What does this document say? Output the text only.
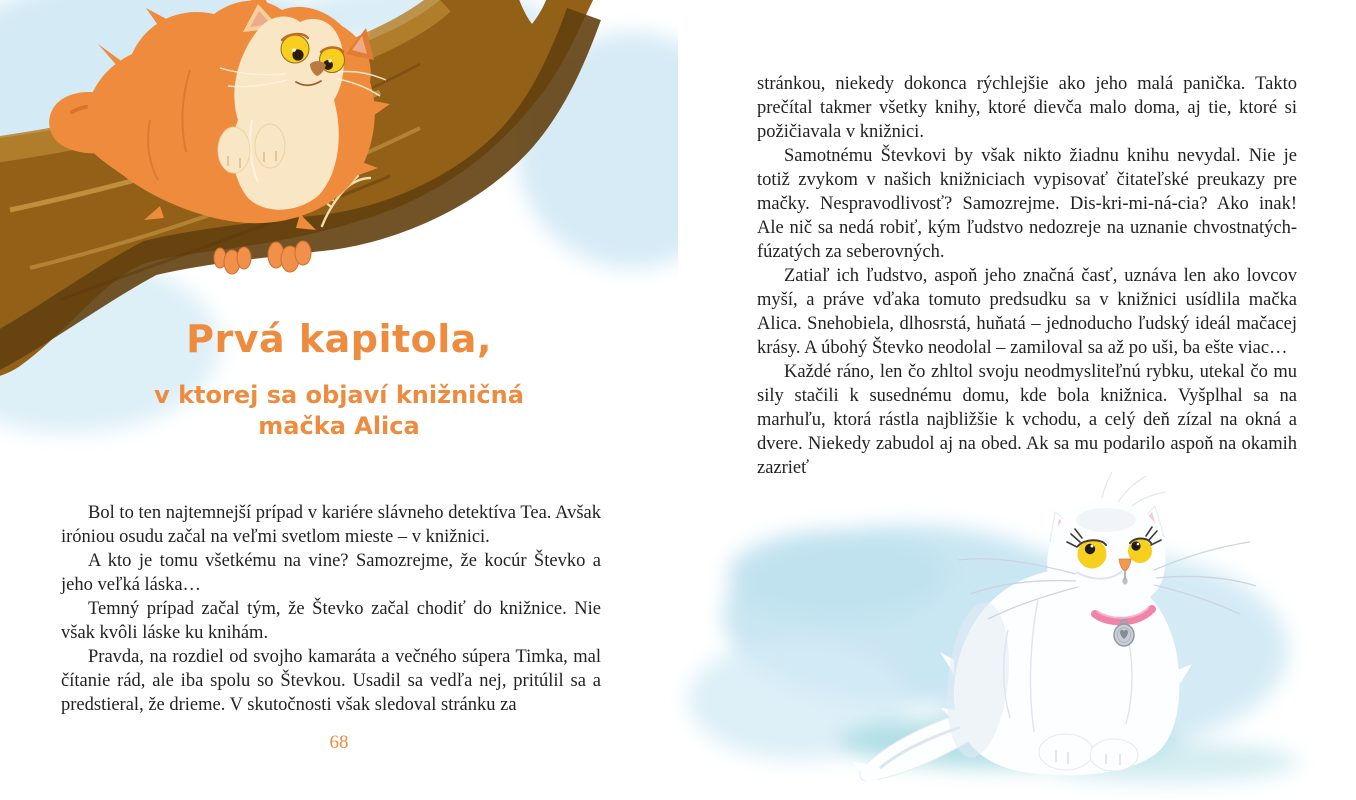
Prvá kapitola,
v ktorej sa objaví knižničná mačka Alica

Bol to ten najtemnejší prípad v kariére slávneho detektíva Tea. Avšak iróniou osudu začal na veľmi svetlom mieste – v knižnici.

A kto je tomu všetkému na vine? Samozrejme, že kocúr Števko a jeho veľká láska…

Temný prípad začal tým, že Števko začal chodiť do knižnice. Nie však kvôli láske ku knihám.

Pravda, na rozdiel od svojho kamaráta a večného súpera Timka, mal čítanie rád, ale iba spolu so Števkou. Usadil sa vedľa nej, pritúlil sa a predstieral, že drieme. V skutočnosti však sledoval stránku za

68

stránkou, niekedy dokonca rýchlejšie ako jeho malá panička. Takto prečítal takmer všetky knihy, ktoré dievča malo doma, aj tie, ktoré si požičiavala v knižnici.

Samotnému Števkovi by však nikto žiadnu knihu nevydal. Nie je totiž zvykom v našich knižniciach vypisovať čitateľské preukazy pre mačky. Nespravodlivosť? Samozrejme. Dis-kri-mi-ná-cia? Ako inak! Ale nič sa nedá robiť, kým ľudstvo nedozreje na uznanie chvostnatých-fúzatých za seberovných.

Zatiaľ ich ľudstvo, aspoň jeho značná časť, uznáva len ako lovcov myší, a práve vďaka tomuto predsudku sa v knižnici usídlila mačka Alica. Snehobiela, dlhosrstá, huňatá – jednoducho ľudský ideál mačacej krásy. A úbohý Števko neodolal – zamiloval sa až po uši, ba ešte viac…

Každé ráno, len čo zhltol svoju neodmysliteľnú rybku, utekal čo mu sily stačili k susednému domu, kde bola knižnica. Vyšplhal sa na marhuľu, ktorá rástla najbližšie k vchodu, a celý deň zízal na okná a dvere. Niekedy zabudol aj na obed. Ak sa mu podarilo aspoň na okamih zazrieť
